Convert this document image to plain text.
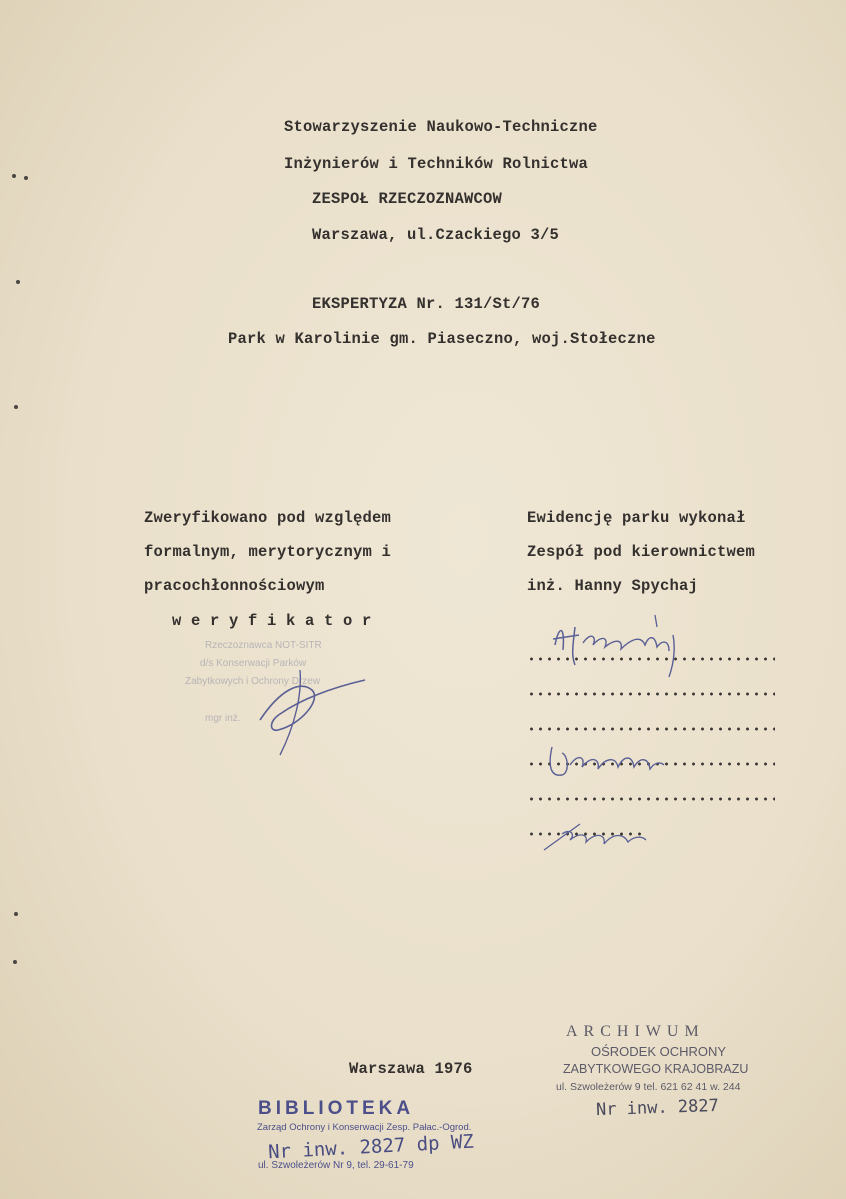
Stowarzyszenie Naukowo-Techniczne
Inżynierów i Techników Rolnictwa
ZESPOŁ RZECZOZNAWCOW
Warszawa, ul.Czackiego 3/5
EKSPERTYZA Nr. 131/St/76
Park w Karolinie gm. Piaseczno, woj.Stołeczne
Zweryfikowano pod względem
formalnym, merytorycznym i
pracochłonnościowym
w e r y f i k a t o r
Rzeczoznawca NOT-SITR
d/s Konserwacji Parków
Zabytkowych i Ochrony Drzew
mgr inż.
Ewidencję parku wykonał
Zespół pod kierownictwem
inż. Hanny Spychaj
Warszawa 1976
ARCHIWUM
OŚRODEK OCHRONY
ZABYTKOWEGO KRAJOBRAZU
ul. Szwoleżerów 9 tel. 621 62 41 w. 244
Nr inw. 2827
BIBLIOTEKA
Zarząd Ochrony i Konserwacji Zesp. Pałac.-Ogrod.
Nr inw. 2827 dp WZ
ul. Szwoleżerów Nr 9, tel. 29-61-79
